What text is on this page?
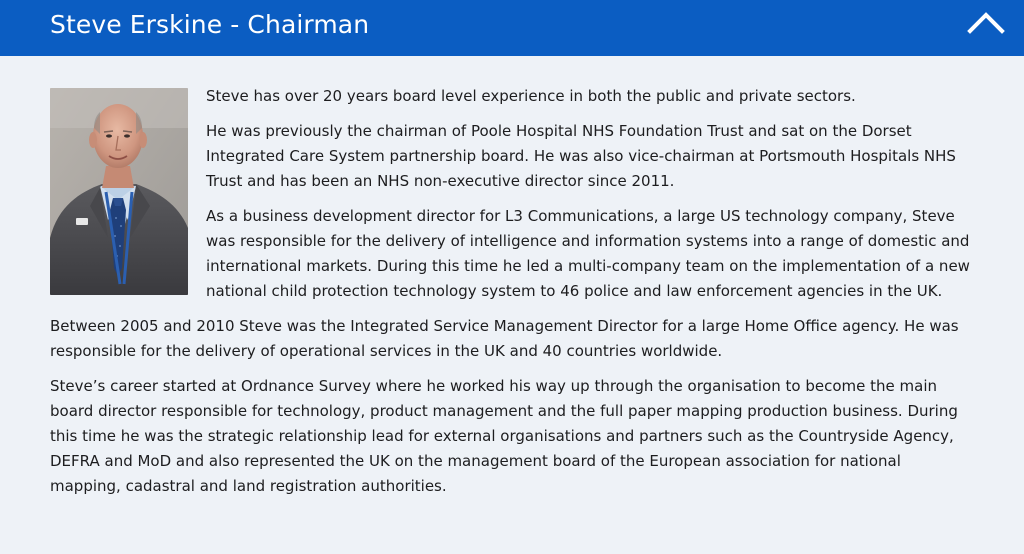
Steve Erskine - Chairman

Steve has over 20 years board level experience in both the public and private sectors.

He was previously the chairman of Poole Hospital NHS Foundation Trust and sat on the Dorset Integrated Care System partnership board. He was also vice-chairman at Portsmouth Hospitals NHS Trust and has been an NHS non-executive director since 2011.

As a business development director for L3 Communications, a large US technology company, Steve was responsible for the delivery of intelligence and information systems into a range of domestic and international markets. During this time he led a multi-company team on the implementation of a new national child protection technology system to 46 police and law enforcement agencies in the UK.

Between 2005 and 2010 Steve was the Integrated Service Management Director for a large Home Office agency. He was responsible for the delivery of operational services in the UK and 40 countries worldwide.

Steve’s career started at Ordnance Survey where he worked his way up through the organisation to become the main board director responsible for technology, product management and the full paper mapping production business. During this time he was the strategic relationship lead for external organisations and partners such as the Countryside Agency, DEFRA and MoD and also represented the UK on the management board of the European association for national mapping, cadastral and land registration authorities.
